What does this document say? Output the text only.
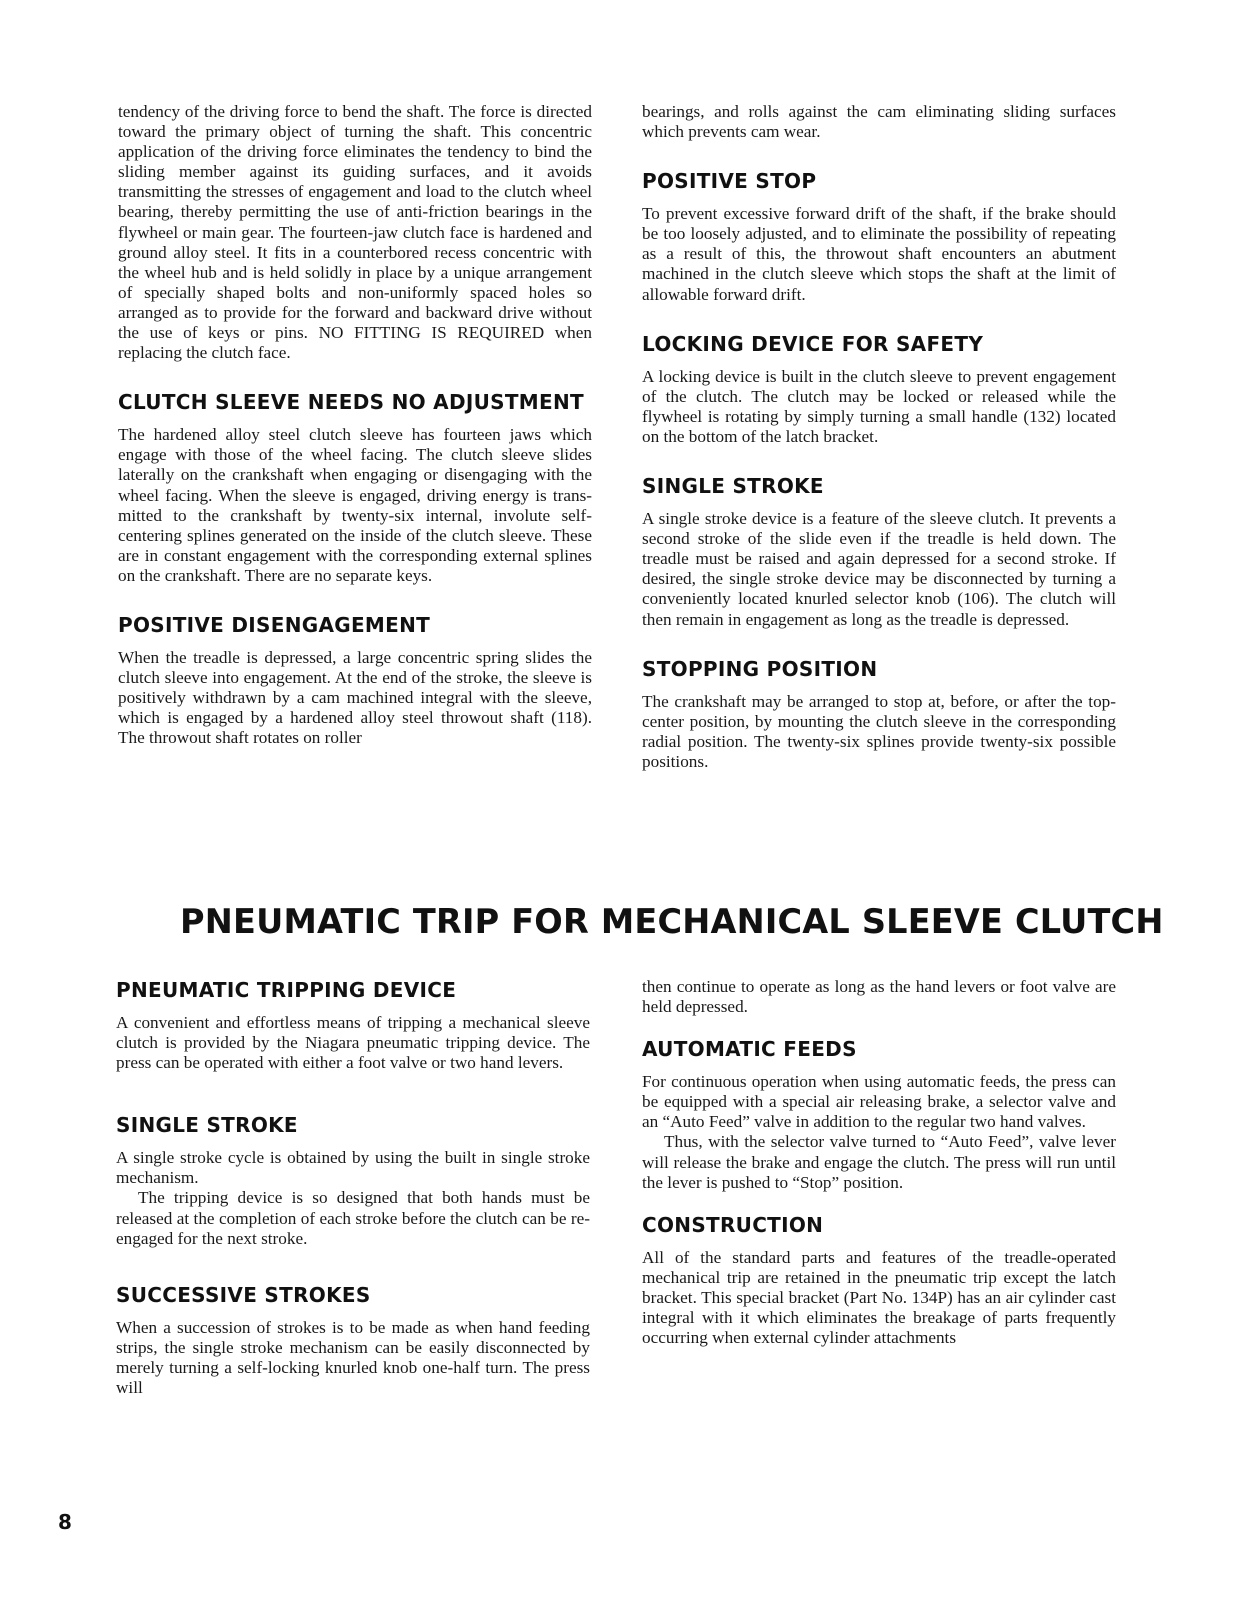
tendency of the driving force to bend the shaft. The force is directed toward the primary object of turning the shaft. This concentric application of the driving force eliminates the tendency to bind the sliding member against its guiding surfaces, and it avoids transmitting the stresses of engagement and load to the clutch wheel bearing, thereby permitting the use of anti-friction bearings in the flywheel or main gear. The fourteen-jaw clutch face is hardened and ground alloy steel. It fits in a counterbored recess concentric with the wheel hub and is held solidly in place by a unique arrangement of specially shaped bolts and non-uniformly spaced holes so arranged as to provide for the forward and backward drive without the use of keys or pins. NO FITTING IS REQUIRED when replacing the clutch face.

CLUTCH SLEEVE NEEDS NO ADJUSTMENT

The hardened alloy steel clutch sleeve has fourteen jaws which engage with those of the wheel facing. The clutch sleeve slides laterally on the crankshaft when engaging or disengaging with the wheel facing. When the sleeve is engaged, driving energy is transmitted to the crankshaft by twenty-six internal, involute self-centering splines generated on the inside of the clutch sleeve. These are in constant engagement with the corresponding external splines on the crankshaft. There are no separate keys.

POSITIVE DISENGAGEMENT

When the treadle is depressed, a large concentric spring slides the clutch sleeve into engagement. At the end of the stroke, the sleeve is positively withdrawn by a cam machined integral with the sleeve, which is engaged by a hardened alloy steel throwout shaft (118). The throwout shaft rotates on roller

bearings, and rolls against the cam eliminating sliding surfaces which prevents cam wear.

POSITIVE STOP

To prevent excessive forward drift of the shaft, if the brake should be too loosely adjusted, and to eliminate the possibility of repeating as a result of this, the throwout shaft encounters an abutment machined in the clutch sleeve which stops the shaft at the limit of allowable forward drift.

LOCKING DEVICE FOR SAFETY

A locking device is built in the clutch sleeve to prevent engagement of the clutch. The clutch may be locked or released while the flywheel is rotating by simply turning a small handle (132) located on the bottom of the latch bracket.

SINGLE STROKE

A single stroke device is a feature of the sleeve clutch. It prevents a second stroke of the slide even if the treadle is held down. The treadle must be raised and again depressed for a second stroke. If desired, the single stroke device may be disconnected by turning a conveniently located knurled selector knob (106). The clutch will then remain in engagement as long as the treadle is depressed.

STOPPING POSITION

The crankshaft may be arranged to stop at, before, or after the top-center position, by mounting the clutch sleeve in the corresponding radial position. The twenty-six splines provide twenty-six possible positions.

PNEUMATIC TRIP FOR MECHANICAL SLEEVE CLUTCH
PNEUMATIC TRIPPING DEVICE

A convenient and effortless means of tripping a mechanical sleeve clutch is provided by the Niagara pneumatic tripping device. The press can be operated with either a foot valve or two hand levers.

SINGLE STROKE

A single stroke cycle is obtained by using the built in single stroke mechanism.

The tripping device is so designed that both hands must be released at the completion of each stroke before the clutch can be re-engaged for the next stroke.

SUCCESSIVE STROKES

When a succession of strokes is to be made as when hand feeding strips, the single stroke mechanism can be easily disconnected by merely turning a self-locking knurled knob one-half turn. The press will

then continue to operate as long as the hand levers or foot valve are held depressed.

AUTOMATIC FEEDS

For continuous operation when using automatic feeds, the press can be equipped with a special air releasing brake, a selector valve and an “Auto Feed” valve in addition to the regular two hand valves.

Thus, with the selector valve turned to “Auto Feed”, valve lever will release the brake and engage the clutch. The press will run until the lever is pushed to “Stop” position.

CONSTRUCTION

All of the standard parts and features of the treadle-operated mechanical trip are retained in the pneumatic trip except the latch bracket. This special bracket (Part No. 134P) has an air cylinder cast integral with it which eliminates the breakage of parts frequently occurring when external cylinder attachments

8
